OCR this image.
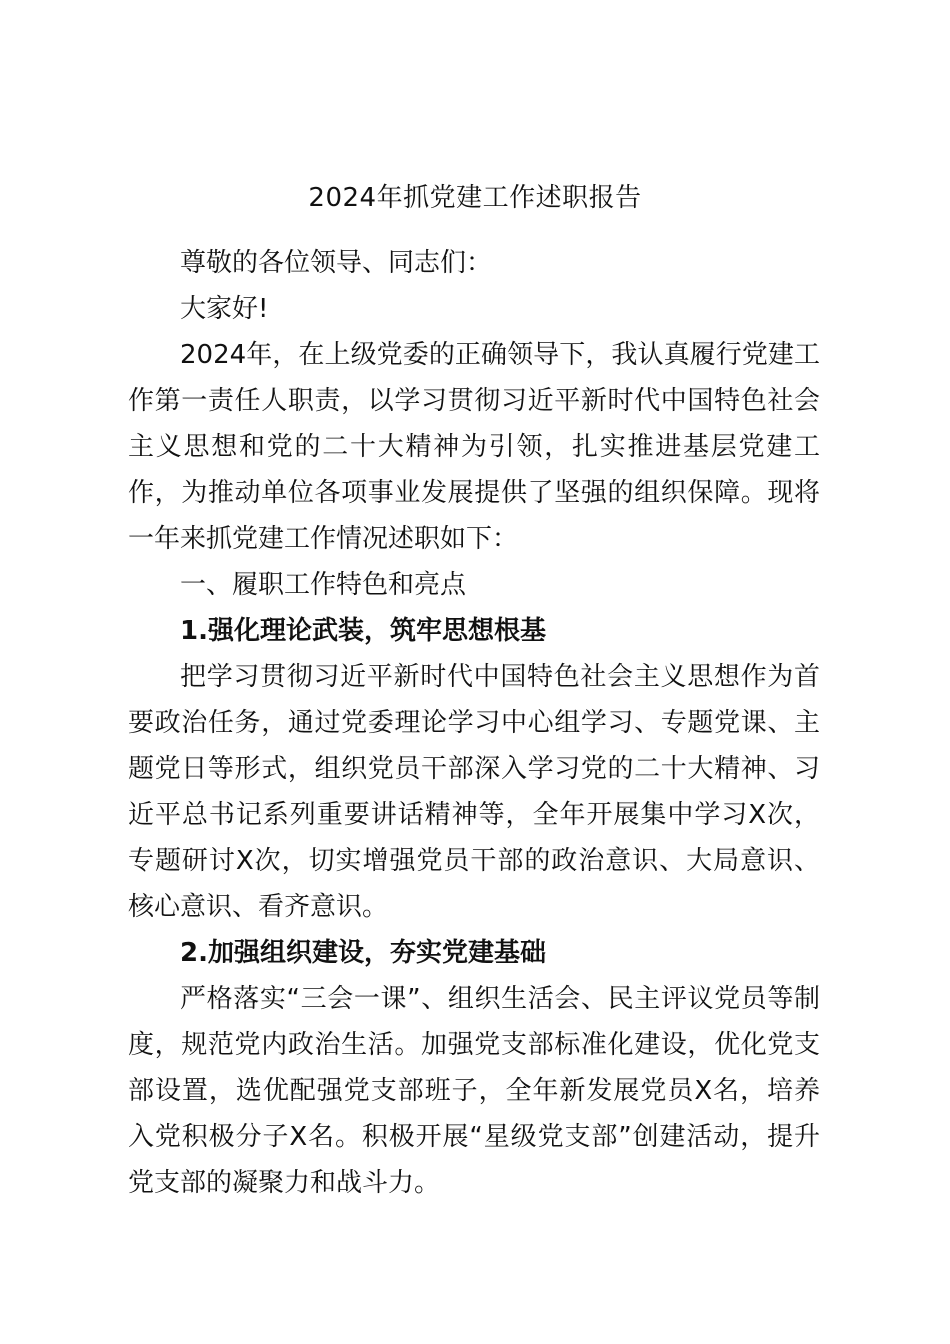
2024年抓党建工作述职报告

尊敬的各位领导、同志们：

大家好!

2024年，在上级党委的正确领导下，我认真履行党建工作第一责任人职责，以学习贯彻习近平新时代中国特色社会主义思想和党的二十大精神为引领，扎实推进基层党建工作，为推动单位各项事业发展提供了坚强的组织保障。现将一年来抓党建工作情况述职如下：

一、履职工作特色和亮点

1.强化理论武装，筑牢思想根基

把学习贯彻习近平新时代中国特色社会主义思想作为首要政治任务，通过党委理论学习中心组学习、专题党课、主题党日等形式，组织党员干部深入学习党的二十大精神、习近平总书记系列重要讲话精神等，全年开展集中学习X次，专题研讨X次，切实增强党员干部的政治意识、大局意识、核心意识、看齐意识。

2.加强组织建设，夯实党建基础

严格落实“三会一课”、组织生活会、民主评议党员等制度，规范党内政治生活。加强党支部标准化建设，优化党支部设置，选优配强党支部班子，全年新发展党员X名，培养入党积极分子X名。积极开展“星级党支部”创建活动，提升党支部的凝聚力和战斗力。
